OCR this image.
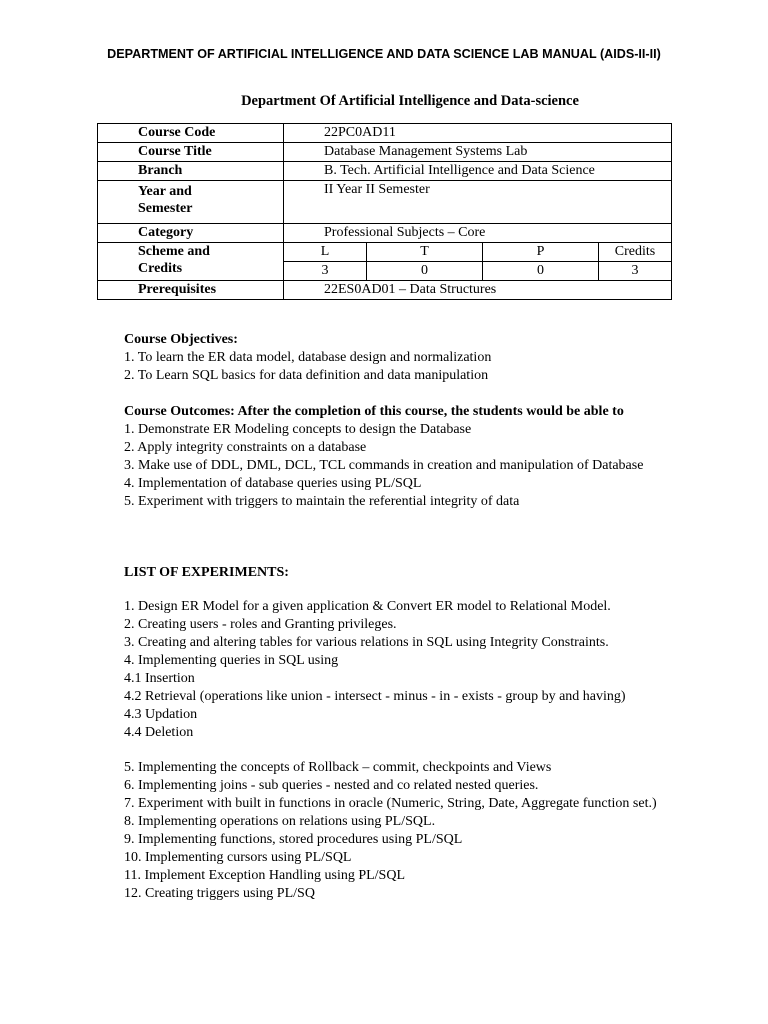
DEPARTMENT OF ARTIFICIAL INTELLIGENCE AND DATA SCIENCE LAB MANUAL (AIDS-II-II)
Department Of Artificial Intelligence and Data-science
Course Code	22PC0AD11			
Course Title	Database Management Systems Lab			
Branch	B. Tech. Artificial Intelligence and Data Science			
Year and
Semester	II Year II Semester			
Category	Professional Subjects – Core			
Scheme and
Credits	L	T	P	Credits
	3	0	0	3
Prerequisites	22ES0AD01 – Data Structures			
Course Objectives:
1. To learn the ER data model, database design and normalization
2. To Learn SQL basics for data definition and data manipulation
Course Outcomes: After the completion of this course, the students would be able to
1. Demonstrate ER Modeling concepts to design the Database
2. Apply integrity constraints on a database
3. Make use of DDL, DML, DCL, TCL commands in creation and manipulation of Database
4. Implementation of database queries using PL/SQL
5. Experiment with triggers to maintain the referential integrity of data
LIST OF EXPERIMENTS:
1. Design ER Model for a given application & Convert ER model to Relational Model.
2. Creating users - roles and Granting privileges.
3. Creating and altering tables for various relations in SQL using Integrity Constraints.
4. Implementing queries in SQL using
4.1 Insertion
4.2 Retrieval (operations like union - intersect - minus - in - exists - group by and having)
4.3 Updation
4.4 Deletion
5. Implementing the concepts of Rollback – commit, checkpoints and Views
6. Implementing joins - sub queries - nested and co related nested queries.
7. Experiment with built in functions in oracle (Numeric, String, Date, Aggregate function set.)
8. Implementing operations on relations using PL/SQL.
9. Implementing functions, stored procedures using PL/SQL
10. Implementing cursors using PL/SQL
11. Implement Exception Handling using PL/SQL
12. Creating triggers using PL/SQ
